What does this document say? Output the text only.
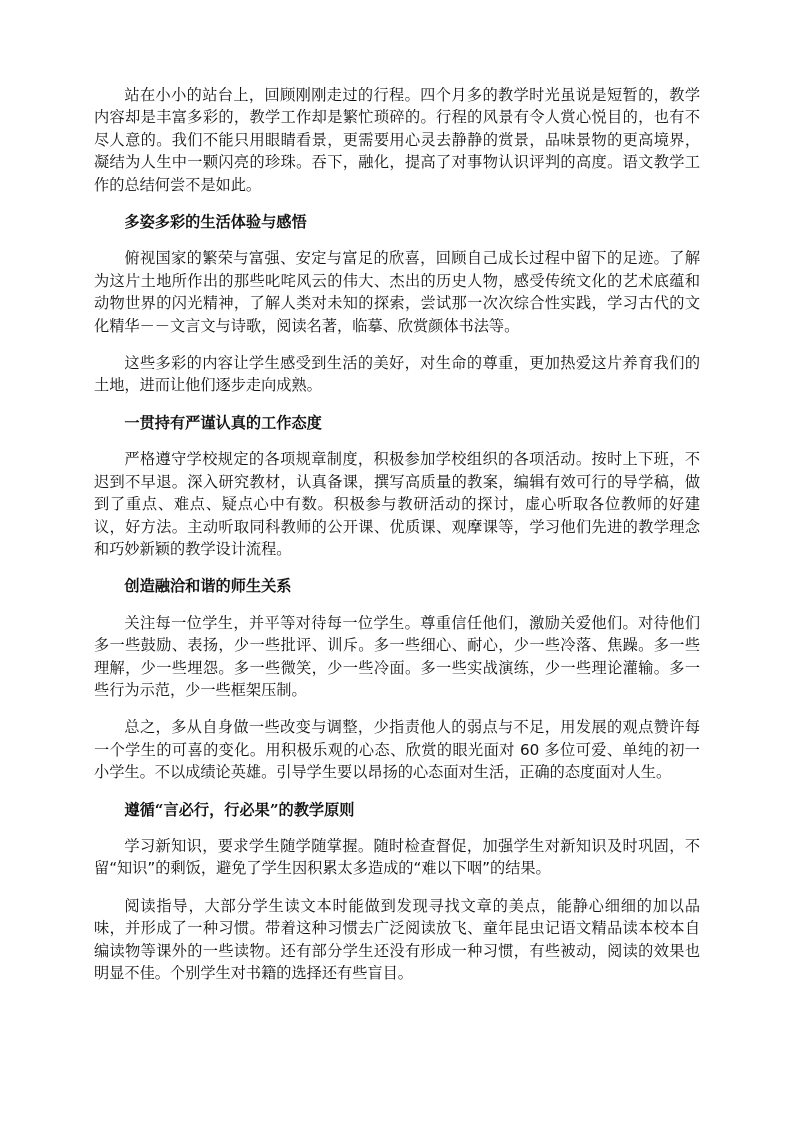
站在小小的站台上，回顾刚刚走过的行程。四个月多的教学时光虽说是短暂的，教学内容却是丰富多彩的，教学工作却是繁忙琐碎的。行程的风景有令人赏心悦目的，也有不尽人意的。我们不能只用眼睛看景，更需要用心灵去静静的赏景，品味景物的更高境界，凝结为人生中一颗闪亮的珍珠。吞下，融化，提高了对事物认识评判的高度。语文教学工作的总结何尝不是如此。

多姿多彩的生活体验与感悟

俯视国家的繁荣与富强、安定与富足的欣喜，回顾自己成长过程中留下的足迹。了解为这片土地所作出的那些叱咤风云的伟大、杰出的历史人物，感受传统文化的艺术底蕴和动物世界的闪光精神，了解人类对未知的探索，尝试那一次次综合性实践，学习古代的文化精华－－文言文与诗歌，阅读名著，临摹、欣赏颜体书法等。

这些多彩的内容让学生感受到生活的美好，对生命的尊重，更加热爱这片养育我们的土地，进而让他们逐步走向成熟。

一贯持有严谨认真的工作态度

严格遵守学校规定的各项规章制度，积极参加学校组织的各项活动。按时上下班，不迟到不早退。深入研究教材，认真备课，撰写高质量的教案，编辑有效可行的导学稿，做到了重点、难点、疑点心中有数。积极参与教研活动的探讨，虚心听取各位教师的好建议，好方法。主动听取同科教师的公开课、优质课、观摩课等，学习他们先进的教学理念和巧妙新颖的教学设计流程。

创造融洽和谐的师生关系

关注每一位学生，并平等对待每一位学生。尊重信任他们，激励关爱他们。对待他们多一些鼓励、表扬，少一些批评、训斥。多一些细心、耐心，少一些冷落、焦躁。多一些理解，少一些埋怨。多一些微笑，少一些冷面。多一些实战演练，少一些理论灌输。多一些行为示范，少一些框架压制。

总之，多从自身做一些改变与调整，少指责他人的弱点与不足，用发展的观点赞许每一个学生的可喜的变化。用积极乐观的心态、欣赏的眼光面对 60 多位可爱、单纯的初一小学生。不以成绩论英雄。引导学生要以昂扬的心态面对生活，正确的态度面对人生。

遵循“言必行，行必果”的教学原则

学习新知识，要求学生随学随掌握。随时检查督促，加强学生对新知识及时巩固，不留“知识”的剩饭，避免了学生因积累太多造成的“难以下咽”的结果。

阅读指导，大部分学生读文本时能做到发现寻找文章的美点，能静心细细的加以品味，并形成了一种习惯。带着这种习惯去广泛阅读放飞、童年昆虫记语文精品读本校本自编读物等课外的一些读物。还有部分学生还没有形成一种习惯，有些被动，阅读的效果也明显不佳。个别学生对书籍的选择还有些盲目。
